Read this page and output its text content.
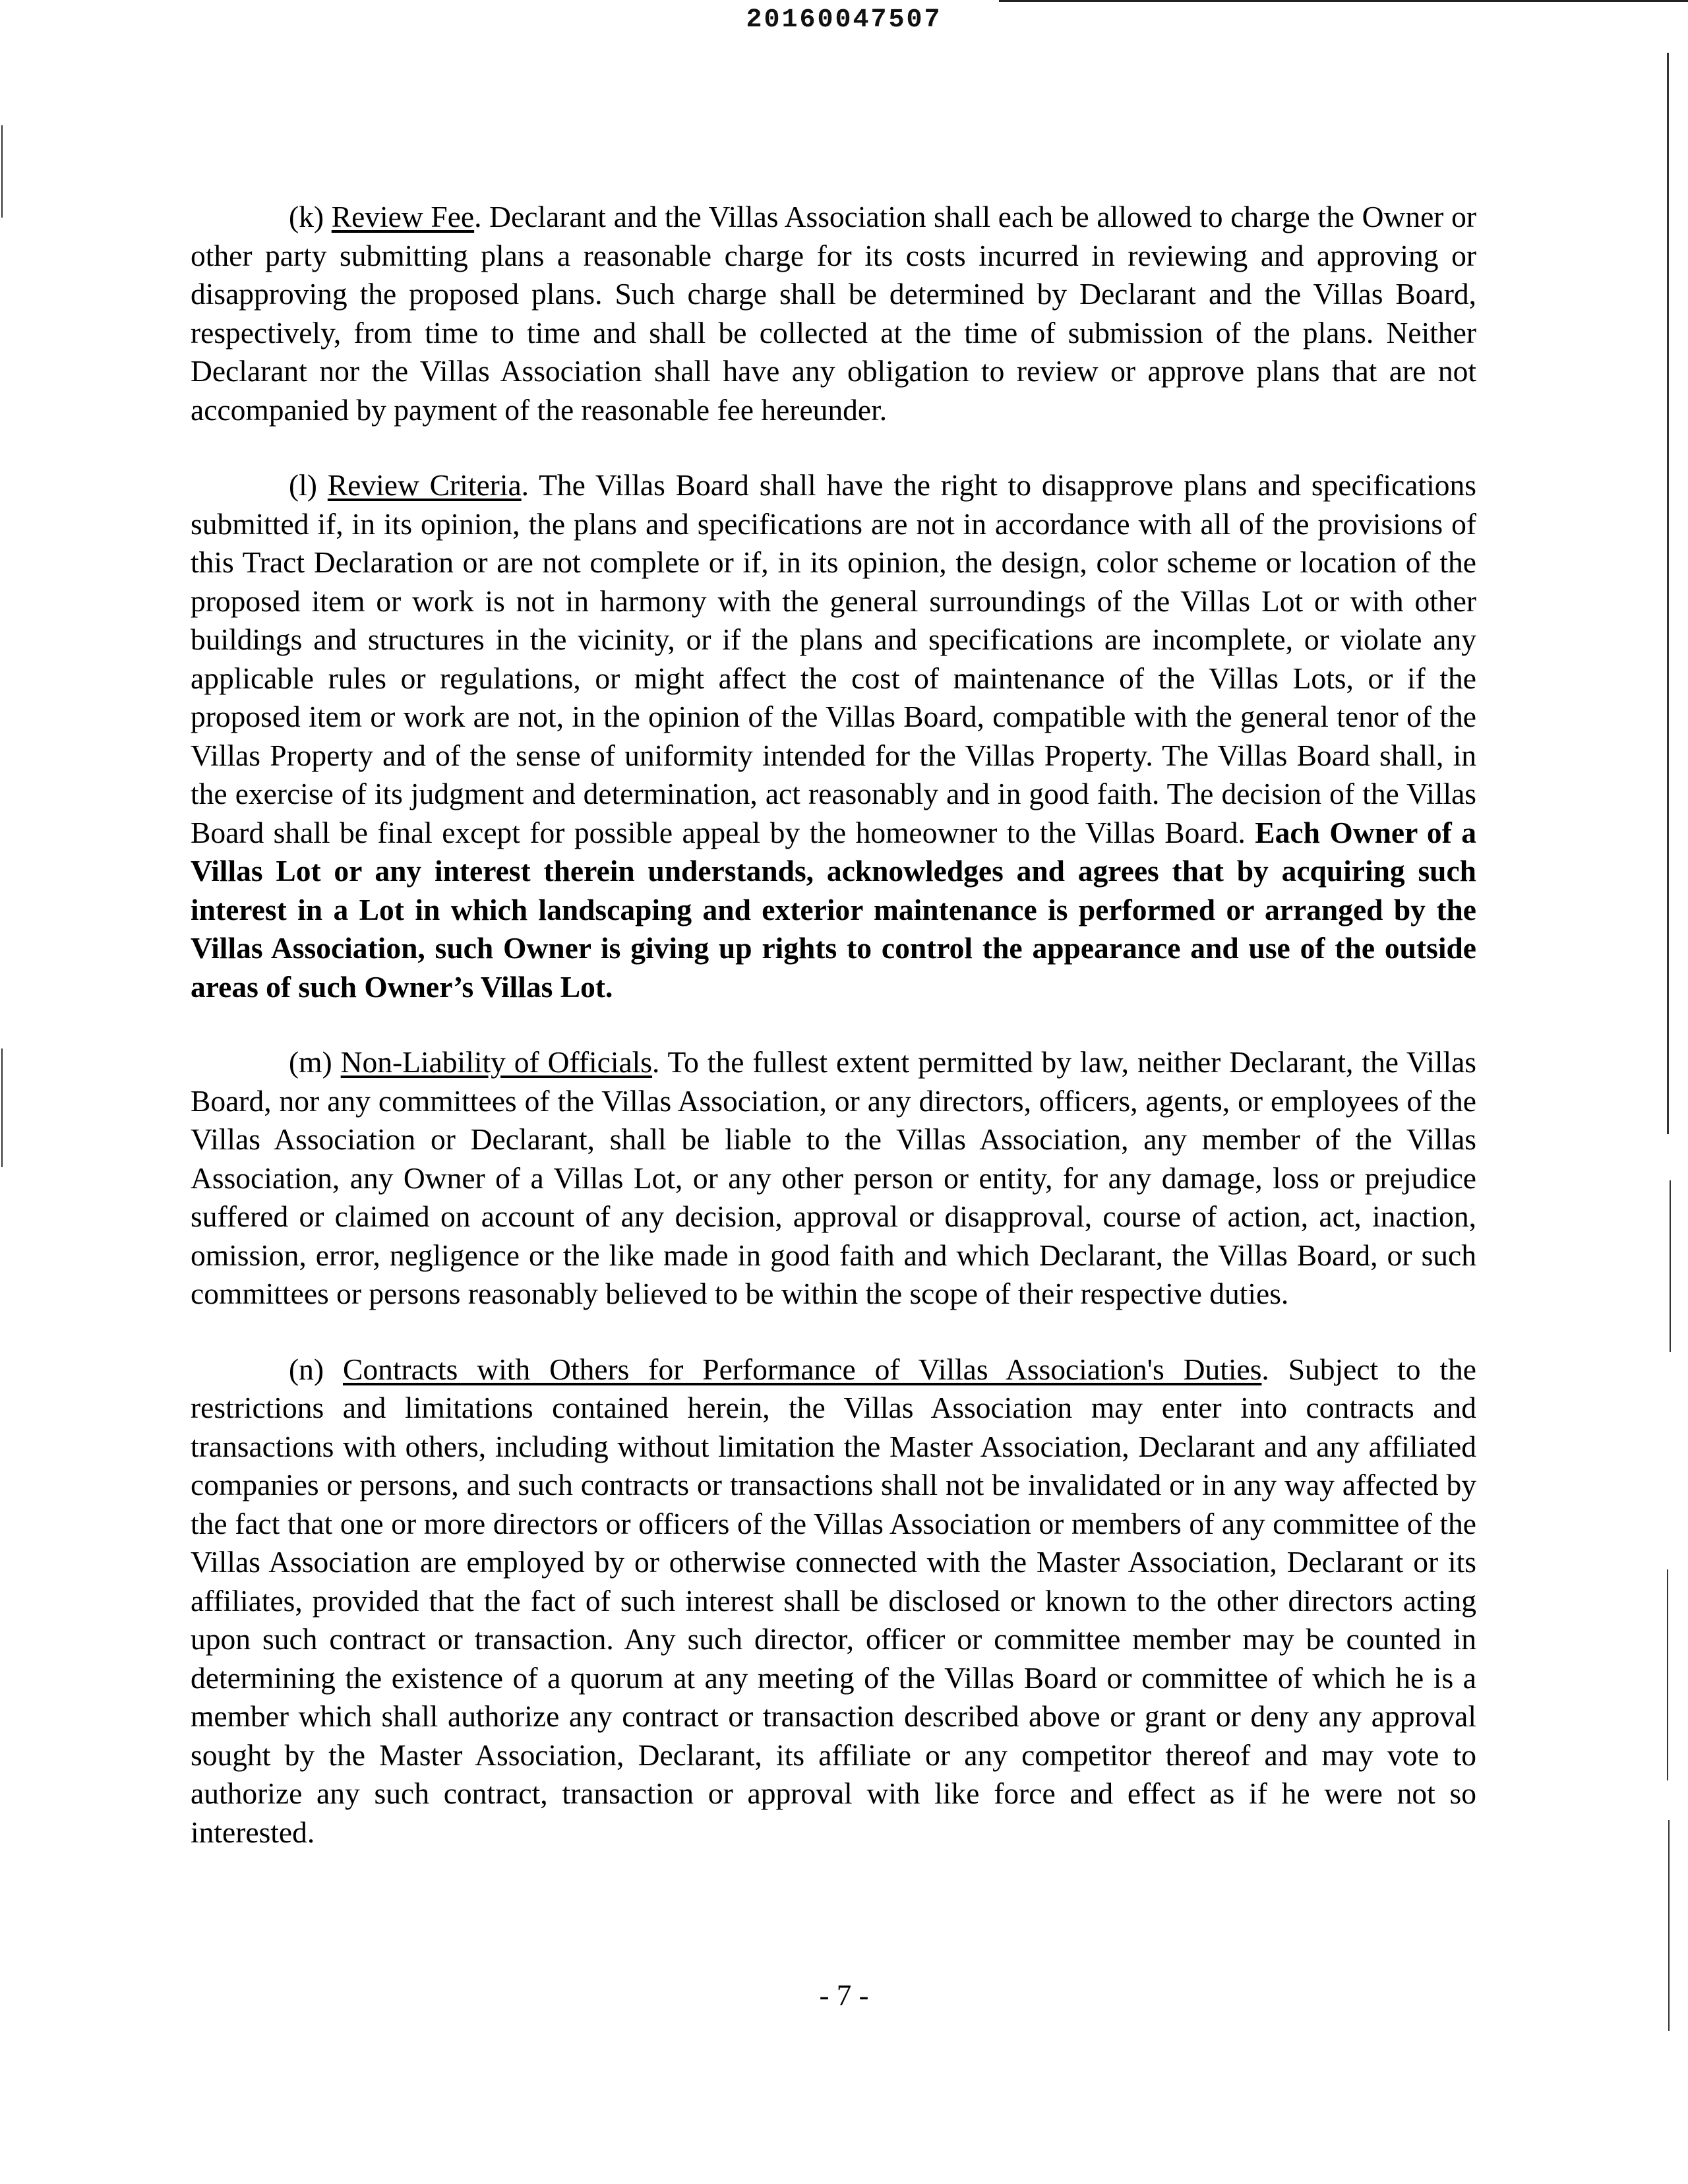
20160047507

(k) Review Fee. Declarant and the Villas Association shall each be allowed to charge the Owner or other party submitting plans a reasonable charge for its costs incurred in reviewing and approving or disapproving the proposed plans. Such charge shall be determined by Declarant and the Villas Board, respectively, from time to time and shall be collected at the time of submission of the plans. Neither Declarant nor the Villas Association shall have any obligation to review or approve plans that are not accompanied by payment of the reasonable fee hereunder.

(l) Review Criteria. The Villas Board shall have the right to disapprove plans and specifications submitted if, in its opinion, the plans and specifications are not in accordance with all of the provisions of this Tract Declaration or are not complete or if, in its opinion, the design, color scheme or location of the proposed item or work is not in harmony with the general surroundings of the Villas Lot or with other buildings and structures in the vicinity, or if the plans and specifications are incomplete, or violate any applicable rules or regulations, or might affect the cost of maintenance of the Villas Lots, or if the proposed item or work are not, in the opinion of the Villas Board, compatible with the general tenor of the Villas Property and of the sense of uniformity intended for the Villas Property. The Villas Board shall, in the exercise of its judgment and determination, act reasonably and in good faith. The decision of the Villas Board shall be final except for possible appeal by the homeowner to the Villas Board. Each Owner of a Villas Lot or any interest therein understands, acknowledges and agrees that by acquiring such interest in a Lot in which landscaping and exterior maintenance is performed or arranged by the Villas Association, such Owner is giving up rights to control the appearance and use of the outside areas of such Owner’s Villas Lot.

(m) Non-Liability of Officials. To the fullest extent permitted by law, neither Declarant, the Villas Board, nor any committees of the Villas Association, or any directors, officers, agents, or employees of the Villas Association or Declarant, shall be liable to the Villas Association, any member of the Villas Association, any Owner of a Villas Lot, or any other person or entity, for any damage, loss or prejudice suffered or claimed on account of any decision, approval or disapproval, course of action, act, inaction, omission, error, negligence or the like made in good faith and which Declarant, the Villas Board, or such committees or persons reasonably believed to be within the scope of their respective duties.

(n) Contracts with Others for Performance of Villas Association's Duties. Subject to the restrictions and limitations contained herein, the Villas Association may enter into contracts and transactions with others, including without limitation the Master Association, Declarant and any affiliated companies or persons, and such contracts or transactions shall not be invalidated or in any way affected by the fact that one or more directors or officers of the Villas Association or members of any committee of the Villas Association are employed by or otherwise connected with the Master Association, Declarant or its affiliates, provided that the fact of such interest shall be disclosed or known to the other directors acting upon such contract or transaction. Any such director, officer or committee member may be counted in determining the existence of a quorum at any meeting of the Villas Board or committee of which he is a member which shall authorize any contract or transaction described above or grant or deny any approval sought by the Master Association, Declarant, its affiliate or any competitor thereof and may vote to authorize any such contract, transaction or approval with like force and effect as if he were not so interested.

- 7 -
